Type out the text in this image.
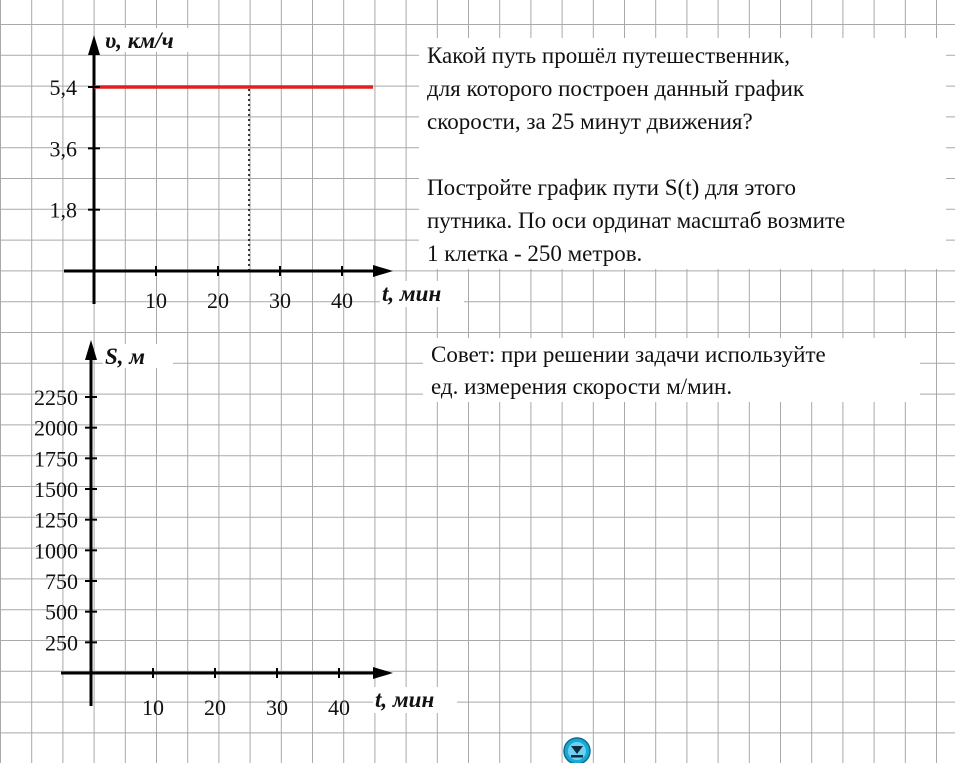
10 20 30 40
1,8
3,6
5,4
υ, км/ч
t, мин
10 20 30 40
250
500
750
1000
1250
1500
1750
2000
2250
S, м
t, мин
Какой путь прошёл путешественник,
для которого построен данный график
скорости, за 25 минут движения?
Постройте график пути S(t) для этого
путника. По оси ординат масштаб возмите
1 клетка - 250 метров.
Совет: при решении задачи используйте
ед. измерения скорости м/мин.
